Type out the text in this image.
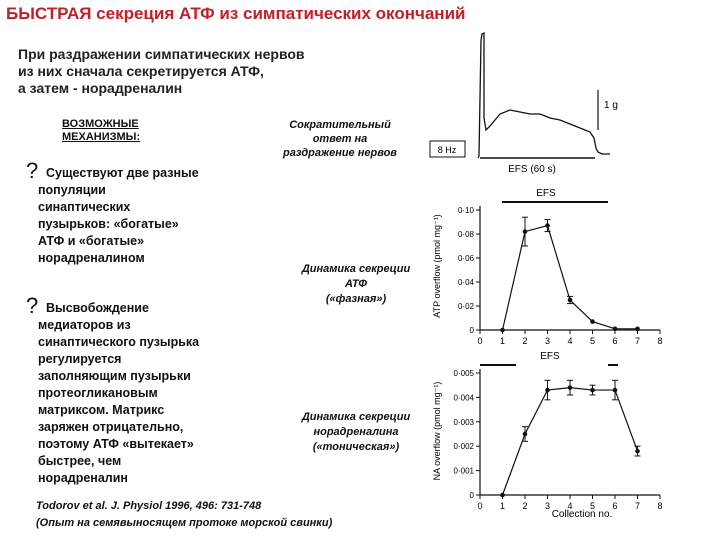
БЫСТРАЯ секреция АТФ из симпатических окончаний
При раздражении симпатических нервов
из них сначала секретируется АТФ,
а затем - норадреналин
ВОЗМОЖНЫЕ
МЕХАНИЗМЫ:
Сократительный
ответ на
раздражение нервов
? Существуют две разные
популяции
синаптических
пузырьков: «богатые»
АТФ и «богатые»
норадреналином
? Высвобождение
медиаторов из
синаптического пузырька
регулируется
заполняющим пузырьки
протеогликановым
матриксом. Матрикс
заряжен отрицательно,
поэтому АТФ «вытекает»
быстрее, чем
норадреналин
Динамика секреции
АТФ
(«фазная»)
Динамика секреции
норадреналина
(«тоническая»)
Todorov et al. J. Physiol 1996, 496: 731-748
(Опыт на семявыносящем протоке морской свинки)
1 g
8 Hz
EFS (60 s)
EFS
0
0·02
0·04
0·06
0·08
0·10
0 1 2 3 4 5 6 7 8
ATP overflow (pmol mg⁻¹)
EFS
0
0·001
0·002
0·003
0·004
0·005
0 1 2 3 4 5 6 7 8
NA overflow (pmol mg⁻¹)
Collection no.
